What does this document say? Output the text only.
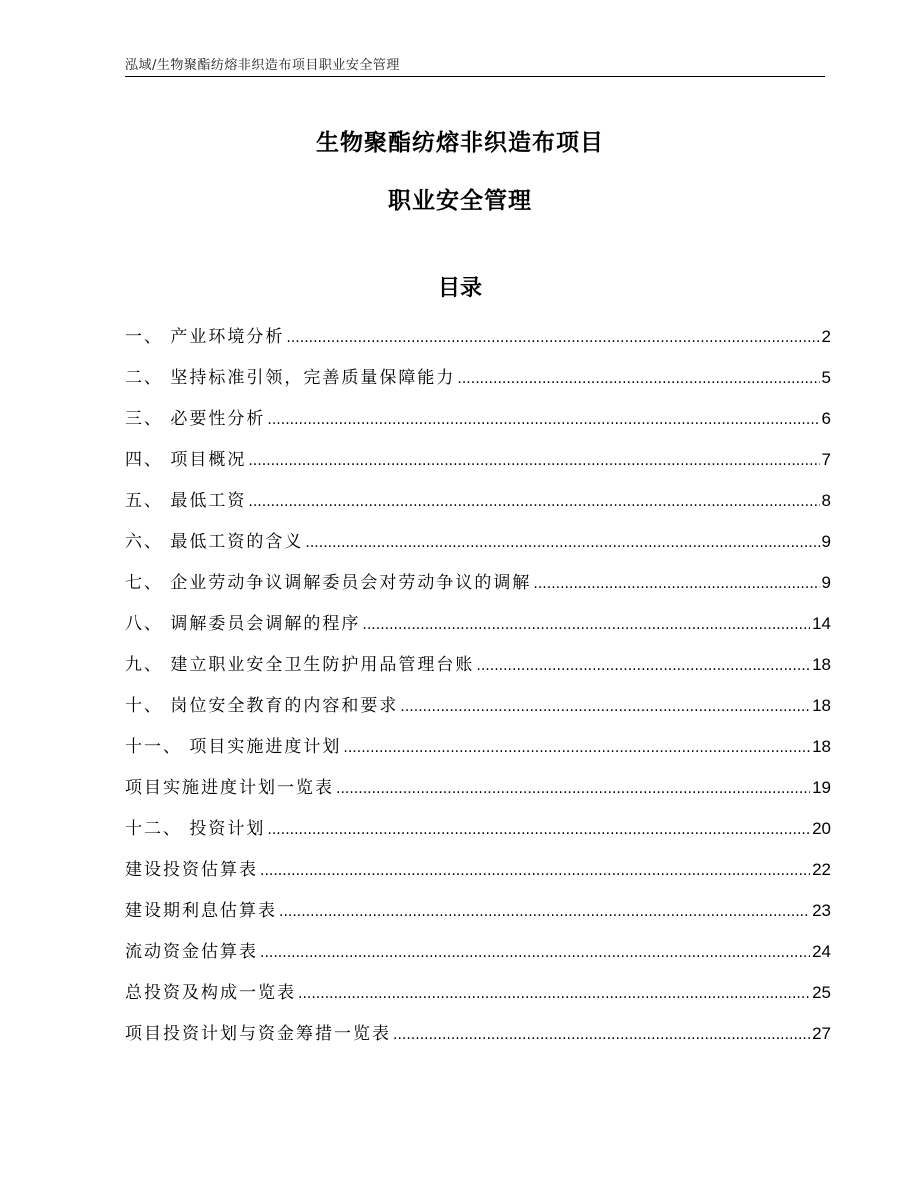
泓域/生物聚酯纺熔非织造布项目职业安全管理
生物聚酯纺熔非织造布项目
职业安全管理
目录
一、 产业环境分析 .....	2
二、 坚持标准引领，完善质量保障能力 .....	5
三、 必要性分析 .....	6
四、 项目概况 .....	7
五、 最低工资 .....	8
六、 最低工资的含义 .....	9
七、 企业劳动争议调解委员会对劳动争议的调解 .....	9
八、 调解委员会调解的程序 .....	14
九、 建立职业安全卫生防护用品管理台账 .....	18
十、 岗位安全教育的内容和要求 .....	18
十一、 项目实施进度计划 .....	18
项目实施进度计划一览表 .....	19
十二、 投资计划 .....	20
建设投资估算表 .....	22
建设期利息估算表 .....	23
流动资金估算表 .....	24
总投资及构成一览表 .....	25
项目投资计划与资金筹措一览表 .....	27
